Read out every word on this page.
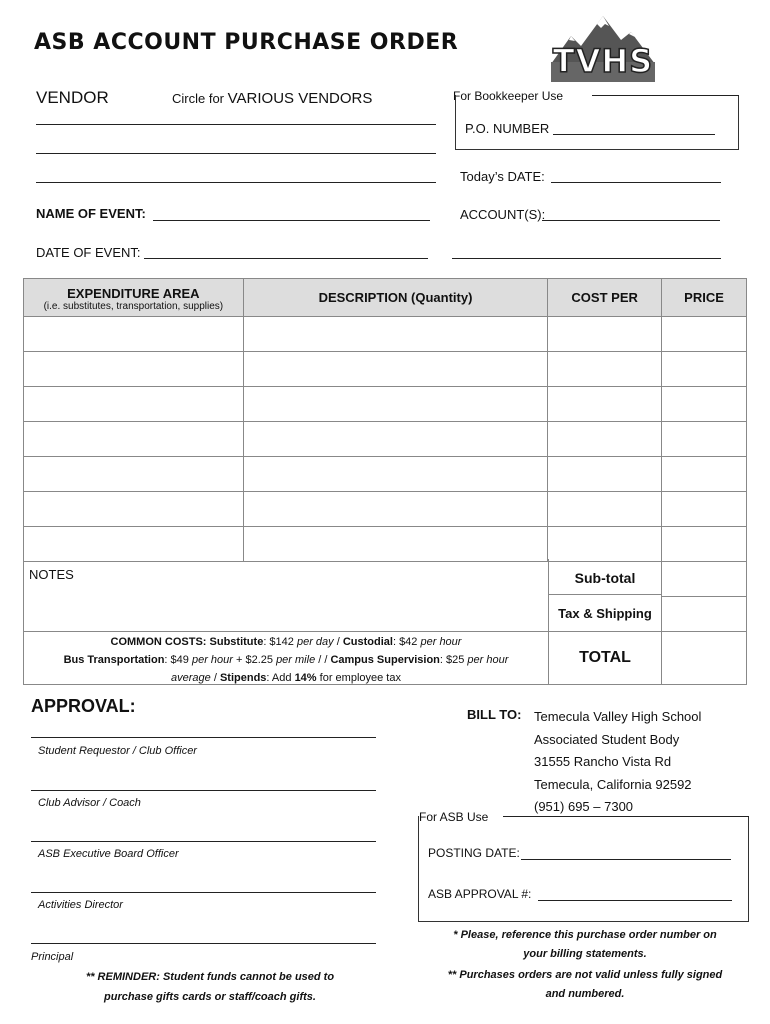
ASB ACCOUNT PURCHASE ORDER	TVHS
VENDOR	Circle for VARIOUS VENDORS	For Bookkeeper Use
P.O. NUMBER
Today’s DATE:
NAME OF EVENT:	ACCOUNT(S):
DATE OF EVENT:
EXPENDITURE AREA
(i.e. substitutes, transportation, supplies)	DESCRIPTION (Quantity)	COST PER	PRICE

NOTES			

		Sub-total
Tax & Shipping
TOTAL
COMMON COSTS: Substitute: $142 per day / Custodial: $42 per hour
Bus Transportation: $49 per hour + $2.25 per mile / / Campus Supervision: $25 per hour
average / Stipends: Add 14% for employee tax
APPROVAL:
Student Requestor / Club Officer
Club Advisor / Coach
ASB Executive Board Officer
Activities Director
Principal
** REMINDER: Student funds cannot be used to
purchase gifts cards or staff/coach gifts.
BILL TO: Temecula Valley High School
Associated Student Body
31555 Rancho Vista Rd
Temecula, California 92592
(951) 695 – 7300
For ASB Use
POSTING DATE:
ASB APPROVAL #:
* Please, reference this purchase order number on
your billing statements.
** Purchases orders are not valid unless fully signed
and numbered.
